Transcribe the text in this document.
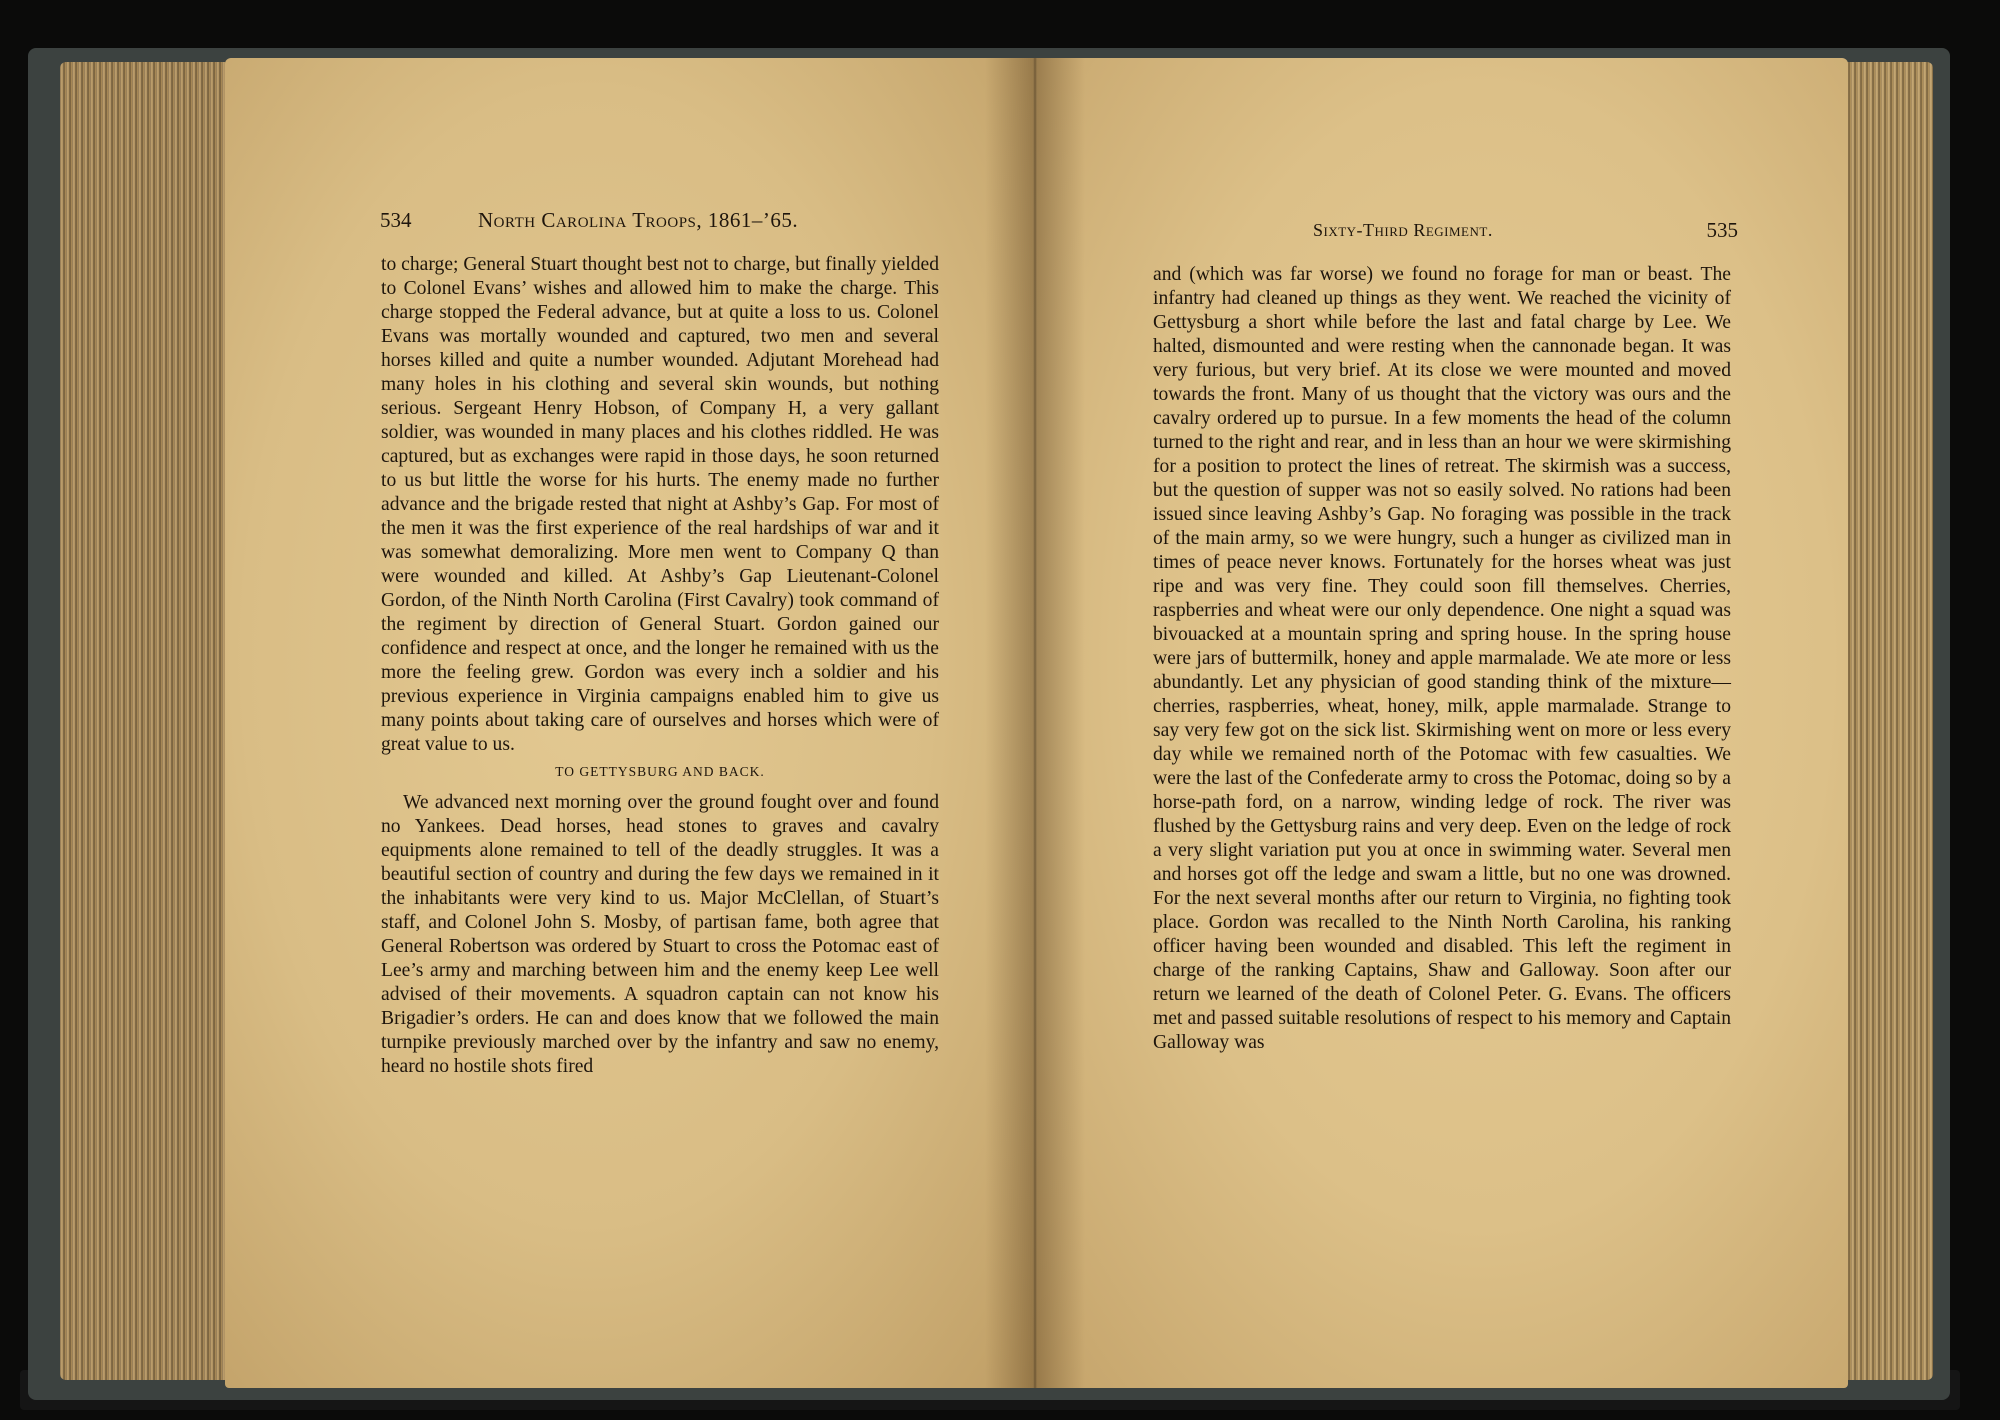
534	North Carolina Troops, 1861–’65.

to charge; General Stuart thought best not to charge, but finally yielded to Colonel Evans’ wishes and allowed him to make the charge. This charge stopped the Federal advance, but at quite a loss to us. Colonel Evans was mortally wounded and captured, two men and several horses killed and quite a number wounded. Adjutant Morehead had many holes in his clothing and several skin wounds, but nothing serious. Sergeant Henry Hobson, of Company H, a very gallant soldier, was wounded in many places and his clothes riddled. He was captured, but as exchanges were rapid in those days, he soon returned to us but little the worse for his hurts. The enemy made no further advance and the brigade rested that night at Ashby’s Gap. For most of the men it was the first experience of the real hardships of war and it was somewhat demoralizing. More men went to Company Q than were wounded and killed. At Ashby’s Gap Lieutenant-Colonel Gordon, of the Ninth North Carolina (First Cavalry) took command of the regiment by direction of General Stuart. Gordon gained our confidence and respect at once, and the longer he remained with us the more the feeling grew. Gordon was every inch a soldier and his previous experience in Virginia campaigns enabled him to give us many points about taking care of ourselves and horses which were of great value to us.

TO GETTYSBURG AND BACK.

We advanced next morning over the ground fought over and found no Yankees. Dead horses, head stones to graves and cavalry equipments alone remained to tell of the deadly struggles. It was a beautiful section of country and during the few days we remained in it the inhabitants were very kind to us. Major McClellan, of Stuart’s staff, and Colonel John S. Mosby, of partisan fame, both agree that General Robertson was ordered by Stuart to cross the Potomac east of Lee’s army and marching between him and the enemy keep Lee well advised of their movements. A squadron captain can not know his Brigadier’s orders. He can and does know that we followed the main turnpike previously marched over by the infantry and saw no enemy, heard no hostile shots fired

Sixty-Third Regiment.	535

and (which was far worse) we found no forage for man or beast. The infantry had cleaned up things as they went. We reached the vicinity of Gettysburg a short while before the last and fatal charge by Lee. We halted, dismounted and were resting when the cannonade began. It was very furious, but very brief. At its close we were mounted and moved towards the front. Many of us thought that the victory was ours and the cavalry ordered up to pursue. In a few moments the head of the column turned to the right and rear, and in less than an hour we were skirmishing for a position to protect the lines of retreat. The skirmish was a success, but the question of supper was not so easily solved. No rations had been issued since leaving Ashby’s Gap. No foraging was possible in the track of the main army, so we were hungry, such a hunger as civilized man in times of peace never knows. Fortunately for the horses wheat was just ripe and was very fine. They could soon fill themselves. Cherries, raspberries and wheat were our only dependence. One night a squad was bivouacked at a mountain spring and spring house. In the spring house were jars of buttermilk, honey and apple marmalade. We ate more or less abundantly. Let any physician of good standing think of the mixture—cherries, raspberries, wheat, honey, milk, apple marmalade. Strange to say very few got on the sick list. Skirmishing went on more or less every day while we remained north of the Potomac with few casualties. We were the last of the Confederate army to cross the Potomac, doing so by a horse-path ford, on a narrow, winding ledge of rock. The river was flushed by the Gettysburg rains and very deep. Even on the ledge of rock a very slight variation put you at once in swimming water. Several men and horses got off the ledge and swam a little, but no one was drowned. For the next several months after our return to Virginia, no fighting took place. Gordon was recalled to the Ninth North Carolina, his ranking officer having been wounded and disabled. This left the regiment in charge of the ranking Captains, Shaw and Galloway. Soon after our return we learned of the death of Colonel Peter. G. Evans. The officers met and passed suitable resolutions of respect to his memory and Captain Galloway was
